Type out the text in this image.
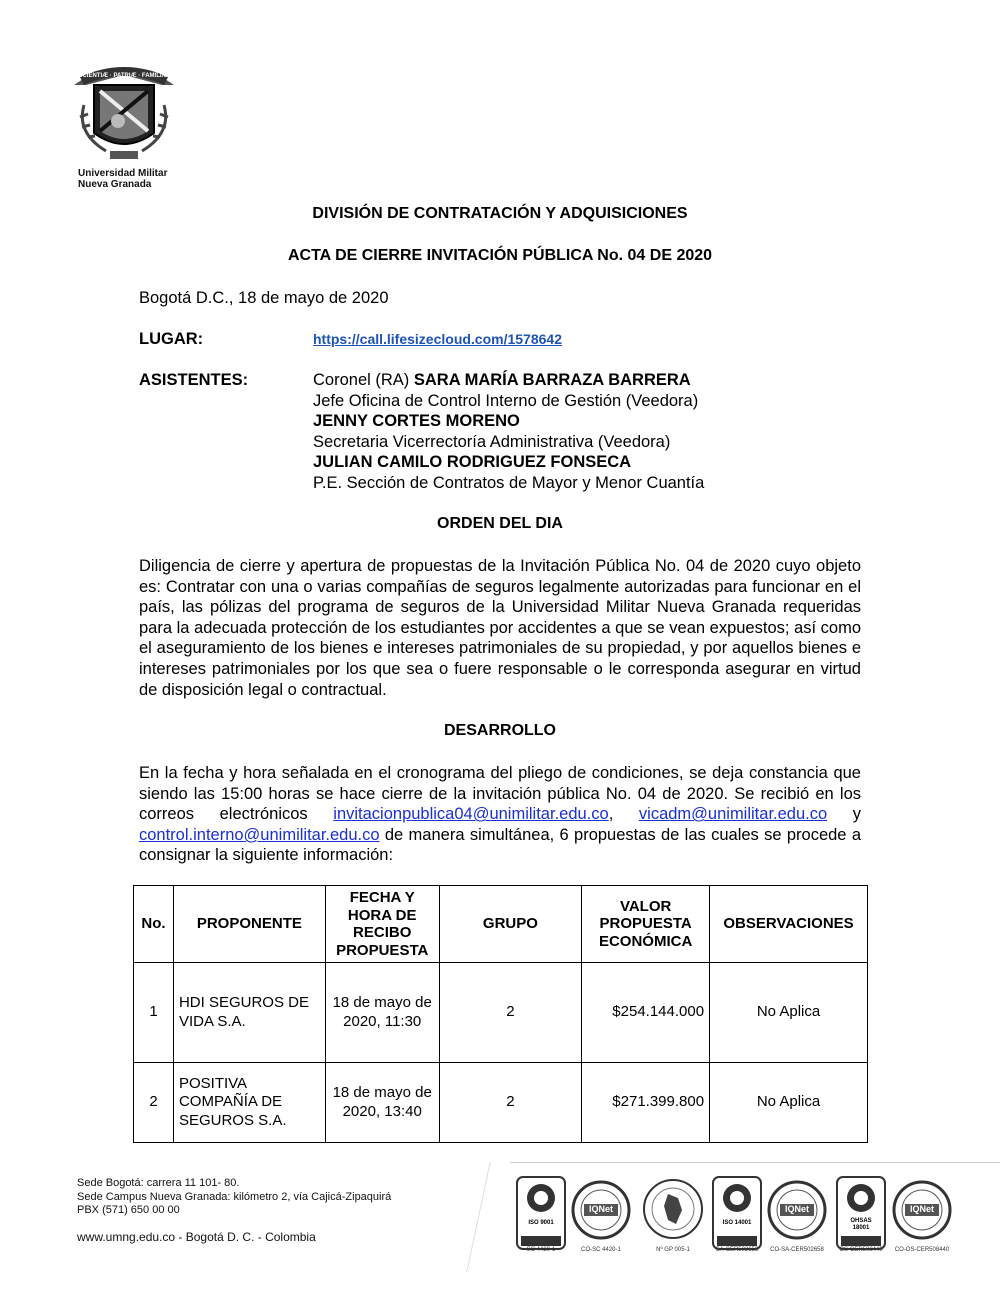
SCIENTIÆ · PATRIÆ · FAMILIÆ
Universidad Militar
Nueva Granada
DIVISIÓN DE CONTRATACIÓN Y ADQUISICIONES
ACTA DE CIERRE INVITACIÓN PÚBLICA No. 04 DE 2020
Bogotá D.C., 18 de mayo de 2020
LUGAR:	https://call.lifesizecloud.com/1578642
ASISTENTES:	Coronel (RA) SARA MARÍA BARRAZA BARRERA
Jefe Oficina de Control Interno de Gestión (Veedora)
JENNY CORTES MORENO
Secretaria Vicerrectoría Administrativa (Veedora)
JULIAN CAMILO RODRIGUEZ FONSECA
P.E. Sección de Contratos de Mayor y Menor Cuantía
ORDEN DEL DIA
Diligencia de cierre y apertura de propuestas de la Invitación Pública No. 04 de 2020 cuyo objeto es: Contratar con una o varias compañías de seguros legalmente autorizadas para funcionar en el país, las pólizas del programa de seguros de la Universidad Militar Nueva Granada requeridas para la adecuada protección de los estudiantes por accidentes a que se vean expuestos; así como el aseguramiento de los bienes e intereses patrimoniales de su propiedad, y por aquellos bienes e intereses patrimoniales por los que sea o fuere responsable o le corresponda asegurar en virtud de disposición legal o contractual.
DESARROLLO
En la fecha y hora señalada en el cronograma del pliego de condiciones, se deja constancia que siendo las 15:00 horas se hace cierre de la invitación pública No. 04 de 2020. Se recibió en los correos electrónicos invitacionpublica04@unimilitar.edu.co, vicadm@unimilitar.edu.co y control.interno@unimilitar.edu.co de manera simultánea, 6 propuestas de las cuales se procede a consignar la siguiente información:
No.	PROPONENTE	FECHA Y HORA DE RECIBO PROPUESTA	GRUPO	VALOR PROPUESTA ECONÓMICA	OBSERVACIONES
1	HDI SEGUROS DE VIDA S.A.	18 de mayo de 2020, 11:30	2	$254.144.000	No Aplica
2	POSITIVA COMPAÑÍA DE SEGUROS S.A.	18 de mayo de 2020, 13:40	2	$271.399.800	No Aplica
Sede Bogotá: carrera 11 101- 80.
Sede Campus Nueva Granada: kilómetro 2, vía Cajicá-Zipaquirá
PBX (571) 650 00 00
www.umng.edu.co - Bogotá D. C. - Colombia
ISO 9001
SC 4420-1
IQNet
CO-SC 4420-1	Nº GP 005-1
ISO 14001
SA-CER502658
IQNet
CO-SA-CER502658
OHSAS 18001
OS-CER508440
IQNet
CO-OS-CER508440
